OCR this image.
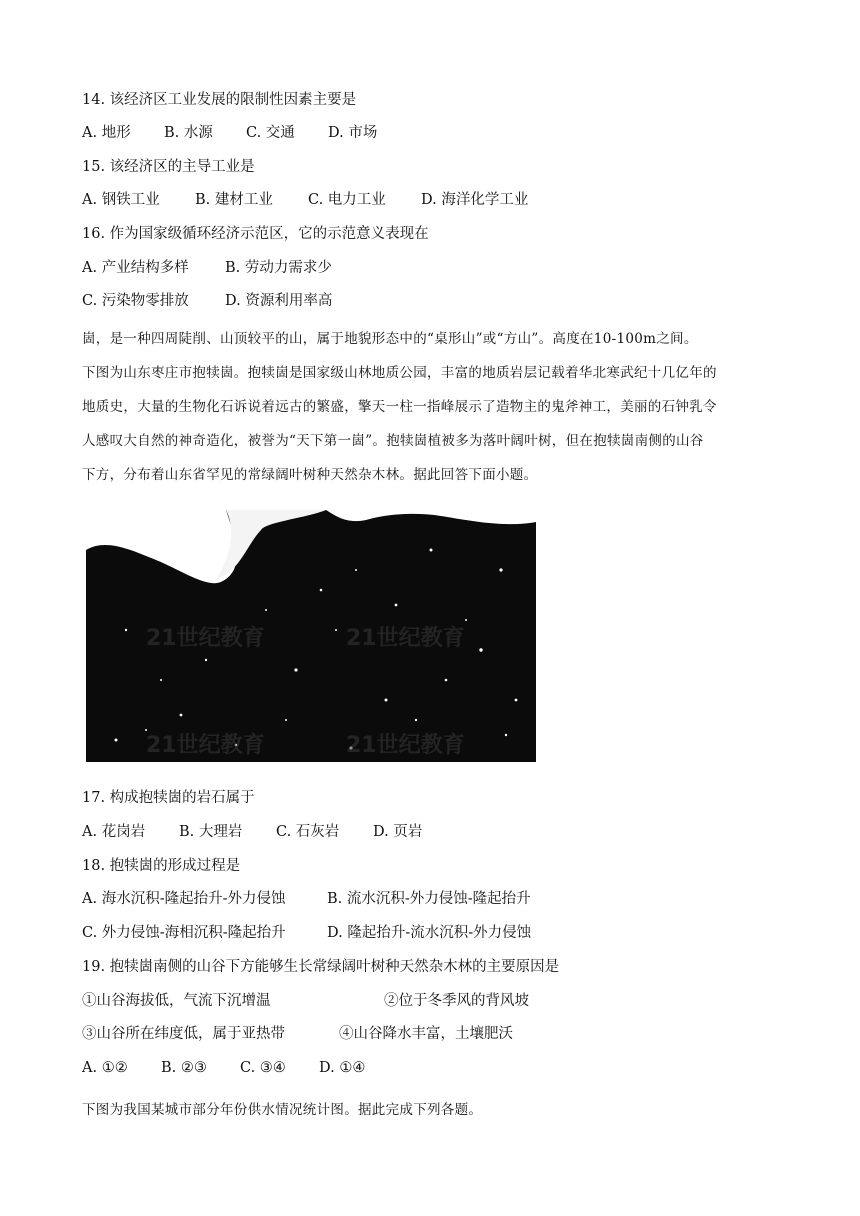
14. 该经济区工业发展的限制性因素主要是
A. 地形 B. 水源 C. 交通 D. 市场
15. 该经济区的主导工业是
A. 钢铁工业 B. 建材工业 C. 电力工业 D. 海洋化学工业
16. 作为国家级循环经济示范区，它的示范意义表现在
A. 产业结构多样	B. 劳动力需求少
C. 污染物零排放 D. 资源利用率高
崮，是一种四周陡削、山顶较平的山，属于地貌形态中的“桌形山”或“方山”。高度在10-100m之间。
下图为山东枣庄市抱犊崮。抱犊崮是国家级山林地质公园，丰富的地质岩层记载着华北寒武纪十几亿年的
地质史，大量的生物化石诉说着远古的繁盛，擎天一柱一指峰展示了造物主的鬼斧神工，美丽的石钟乳令
人感叹大自然的神奇造化，被誉为“天下第一崮”。抱犊崮植被多为落叶阔叶树，但在抱犊崮南侧的山谷
下方，分布着山东省罕见的常绿阔叶树种天然杂木林。据此回答下面小题。
21世纪教育	21世纪教育
21世纪教育	21世纪教育
17. 构成抱犊崮的岩石属于
A. 花岗岩 B. 大理岩 C. 石灰岩 D. 页岩
18. 抱犊崮的形成过程是
A. 海水沉积-隆起抬升-外力侵蚀	B. 流水沉积-外力侵蚀-隆起抬升
C. 外力侵蚀-海相沉积-隆起抬升	D. 隆起抬升-流水沉积-外力侵蚀
19. 抱犊崮南侧的山谷下方能够生长常绿阔叶树种天然杂木林的主要原因是
①山谷海拔低，气流下沉增温	②位于冬季风的背风坡
③山谷所在纬度低，属于亚热带	④山谷降水丰富，土壤肥沃
A. ①② B. ②③ C. ③④ D. ①④
下图为我国某城市部分年份供水情况统计图。据此完成下列各题。
